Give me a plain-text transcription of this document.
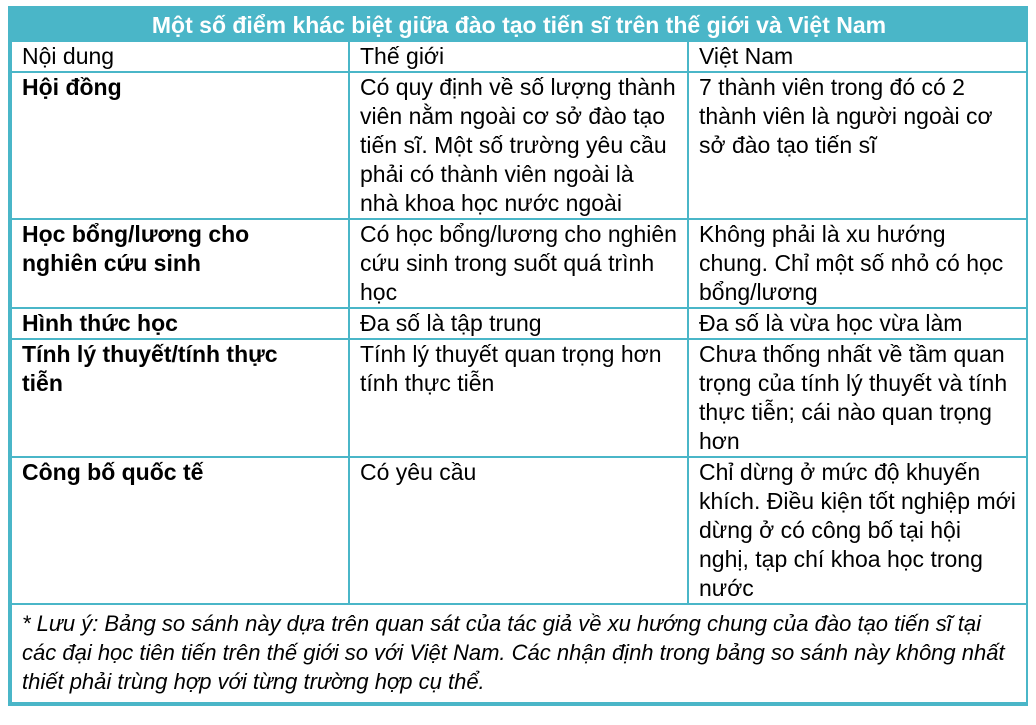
Một số điểm khác biệt giữa đào tạo tiến sĩ trên thế giới và Việt Nam		
Nội dung	Thế giới	Việt Nam
Hội đồng	Có quy định về số lượng thành viên nằm ngoài cơ sở đào tạo tiến sĩ. Một số trường yêu cầu phải có thành viên ngoài là nhà khoa học nước ngoài	7 thành viên trong đó có 2 thành viên là người ngoài cơ sở đào tạo tiến sĩ
Học bổng/lương cho nghiên cứu sinh	Có học bổng/lương cho nghiên cứu sinh trong suốt quá trình học	Không phải là xu hướng chung. Chỉ một số nhỏ có học bổng/lương
Hình thức học	Đa số là tập trung	Đa số là vừa học vừa làm
Tính lý thuyết/tính thực tiễn	Tính lý thuyết quan trọng hơn tính thực tiễn	Chưa thống nhất về tầm quan trọng của tính lý thuyết và tính thực tiễn; cái nào quan trọng hơn
Công bố quốc tế	Có yêu cầu	Chỉ dừng ở mức độ khuyến khích. Điều kiện tốt nghiệp mới dừng ở có công bố tại hội nghị, tạp chí khoa học trong nước
* Lưu ý: Bảng so sánh này dựa trên quan sát của tác giả về xu hướng chung của đào tạo tiến sĩ tại các đại học tiên tiến trên thế giới so với Việt Nam. Các nhận định trong bảng so sánh này không nhất thiết phải trùng hợp với từng trường hợp cụ thể.		
